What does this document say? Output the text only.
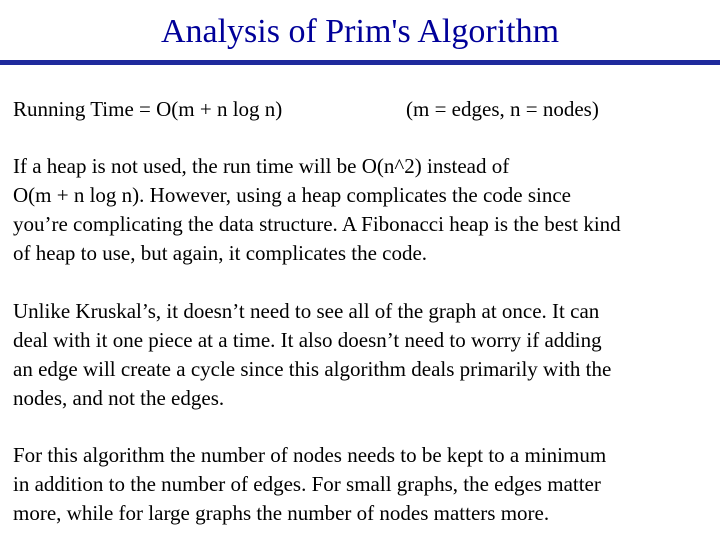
Analysis of Prim's Algorithm
Running Time = O(m + n log n)	(m = edges, n = nodes)

If a heap is not used, the run time will be O(n^2) instead of
O(m + n log n). However, using a heap complicates the code since
you’re complicating the data structure. A Fibonacci heap is the best kind
of heap to use, but again, it complicates the code.

Unlike Kruskal’s, it doesn’t need to see all of the graph at once. It can
deal with it one piece at a time. It also doesn’t need to worry if adding
an edge will create a cycle since this algorithm deals primarily with the
nodes, and not the edges.

For this algorithm the number of nodes needs to be kept to a minimum
in addition to the number of edges. For small graphs, the edges matter
more, while for large graphs the number of nodes matters more.
